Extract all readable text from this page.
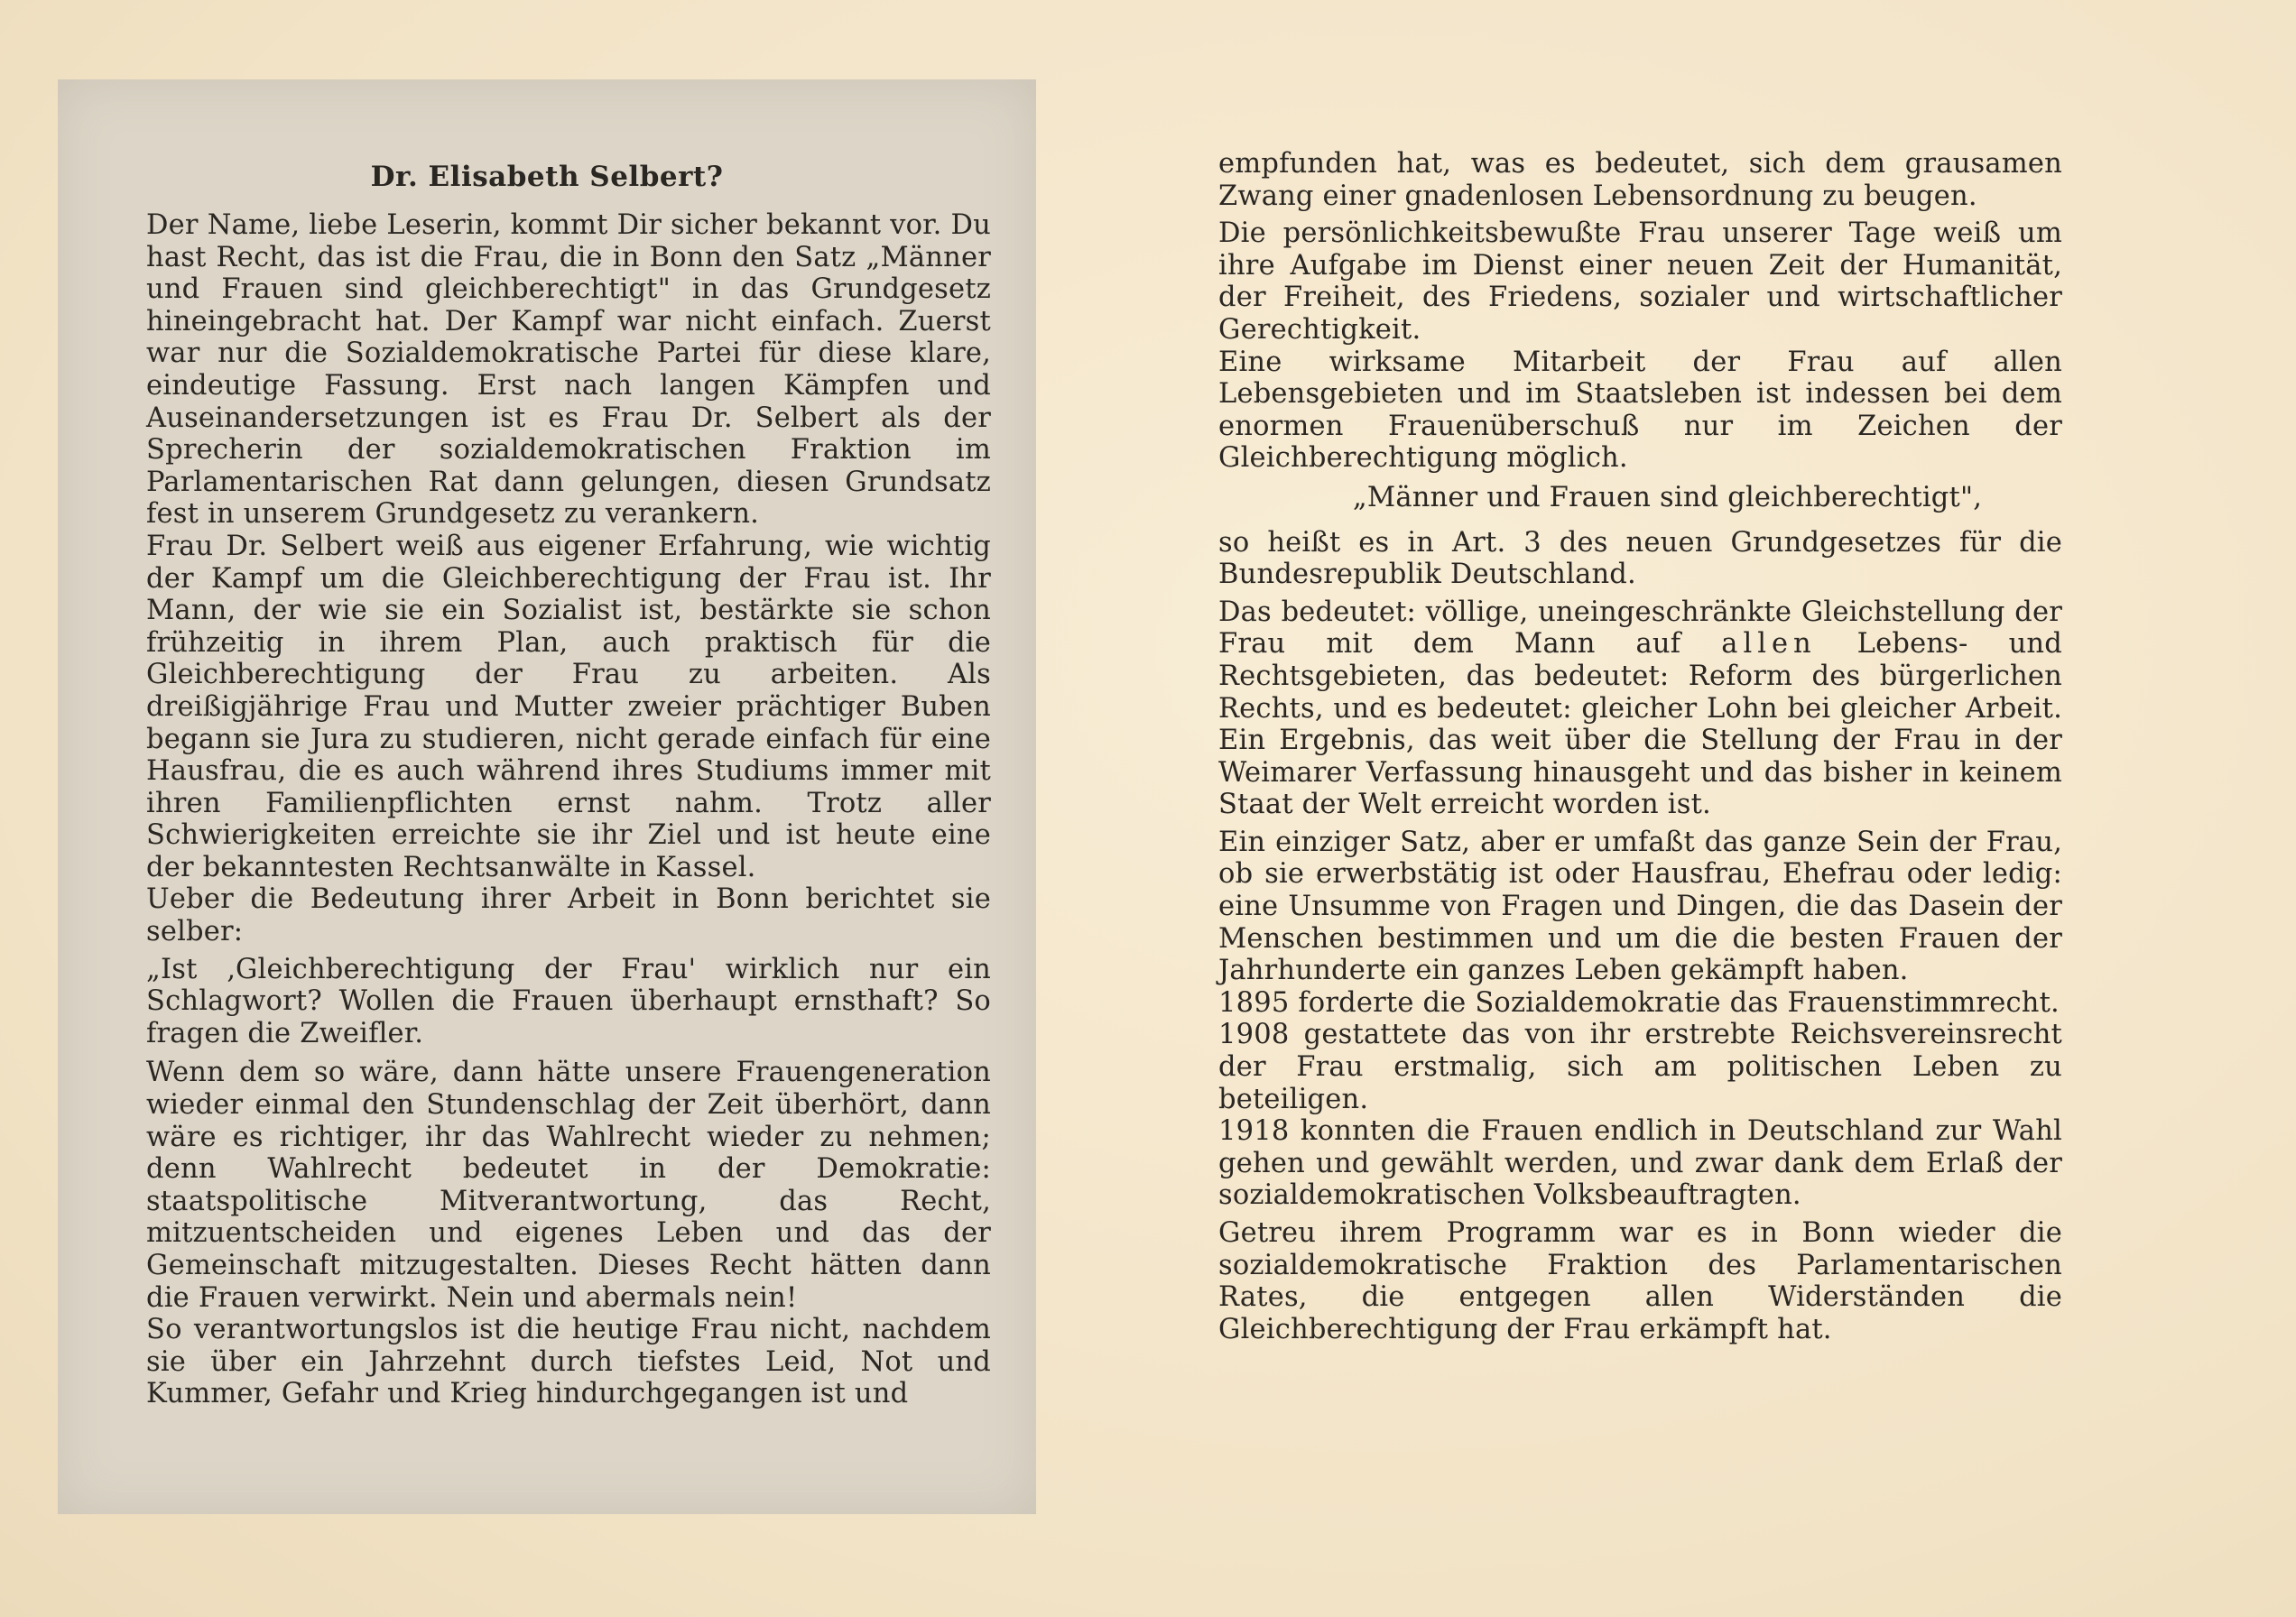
Dr. Elisabeth Selbert?

Der Name, liebe Leserin, kommt Dir sicher bekannt vor. Du hast Recht, das ist die Frau, die in Bonn den Satz „Männer und Frauen sind gleichberechtigt" in das Grundgesetz hineingebracht hat. Der Kampf war nicht einfach. Zuerst war nur die Sozialdemokratische Partei für diese klare, eindeutige Fassung. Erst nach langen Kämpfen und Auseinandersetzungen ist es Frau Dr. Selbert als der Sprecherin der sozialdemokratischen Fraktion im Parlamentarischen Rat dann gelungen, diesen Grundsatz fest in unserem Grundgesetz zu verankern.

Frau Dr. Selbert weiß aus eigener Erfahrung, wie wichtig der Kampf um die Gleichberechtigung der Frau ist. Ihr Mann, der wie sie ein Sozialist ist, bestärkte sie schon frühzeitig in ihrem Plan, auch praktisch für die Gleichberechtigung der Frau zu arbeiten. Als dreißigjährige Frau und Mutter zweier prächtiger Buben begann sie Jura zu studieren, nicht gerade einfach für eine Hausfrau, die es auch während ihres Studiums immer mit ihren Familienpflichten ernst nahm. Trotz aller Schwierigkeiten erreichte sie ihr Ziel und ist heute eine der bekanntesten Rechtsanwälte in Kassel.

Ueber die Bedeutung ihrer Arbeit in Bonn berichtet sie selber:

„Ist ‚Gleichberechtigung der Frau' wirklich nur ein Schlagwort? Wollen die Frauen überhaupt ernsthaft? So fragen die Zweifler.

Wenn dem so wäre, dann hätte unsere Frauengeneration wieder einmal den Stundenschlag der Zeit überhört, dann wäre es richtiger, ihr das Wahlrecht wieder zu nehmen; denn Wahlrecht bedeutet in der Demokratie: staatspolitische Mitverantwortung, das Recht, mitzuentscheiden und eigenes Leben und das der Gemeinschaft mitzugestalten. Dieses Recht hätten dann die Frauen verwirkt. Nein und abermals nein!

So verantwortungslos ist die heutige Frau nicht, nachdem sie über ein Jahrzehnt durch tiefstes Leid, Not und Kummer, Gefahr und Krieg hindurchgegangen ist und

empfunden hat, was es bedeutet, sich dem grausamen Zwang einer gnadenlosen Lebensordnung zu beugen.

Die persönlichkeitsbewußte Frau unserer Tage weiß um ihre Aufgabe im Dienst einer neuen Zeit der Humanität, der Freiheit, des Friedens, sozialer und wirtschaftlicher Gerechtigkeit.

Eine wirksame Mitarbeit der Frau auf allen Lebensgebieten und im Staatsleben ist indessen bei dem enormen Frauenüberschuß nur im Zeichen der Gleichberechtigung möglich.

„Männer und Frauen sind gleichberechtigt",

so heißt es in Art. 3 des neuen Grundgesetzes für die Bundesrepublik Deutschland.

Das bedeutet: völlige, uneingeschränkte Gleichstellung der Frau mit dem Mann auf allen Lebens- und Rechtsgebieten, das bedeutet: Reform des bürgerlichen Rechts, und es bedeutet: gleicher Lohn bei gleicher Arbeit. Ein Ergebnis, das weit über die Stellung der Frau in der Weimarer Verfassung hinausgeht und das bisher in keinem Staat der Welt erreicht worden ist.

Ein einziger Satz, aber er umfaßt das ganze Sein der Frau, ob sie erwerbstätig ist oder Hausfrau, Ehefrau oder ledig: eine Unsumme von Fragen und Dingen, die das Dasein der Menschen bestimmen und um die die besten Frauen der Jahrhunderte ein ganzes Leben gekämpft haben.

1895 forderte die Sozialdemokratie das Frauenstimmrecht.

1908 gestattete das von ihr erstrebte Reichsvereinsrecht der Frau erstmalig, sich am politischen Leben zu beteiligen.

1918 konnten die Frauen endlich in Deutschland zur Wahl gehen und gewählt werden, und zwar dank dem Erlaß der sozialdemokratischen Volksbeauftragten.

Getreu ihrem Programm war es in Bonn wieder die sozialdemokratische Fraktion des Parlamentarischen Rates, die entgegen allen Widerständen die Gleichberechtigung der Frau erkämpft hat.
